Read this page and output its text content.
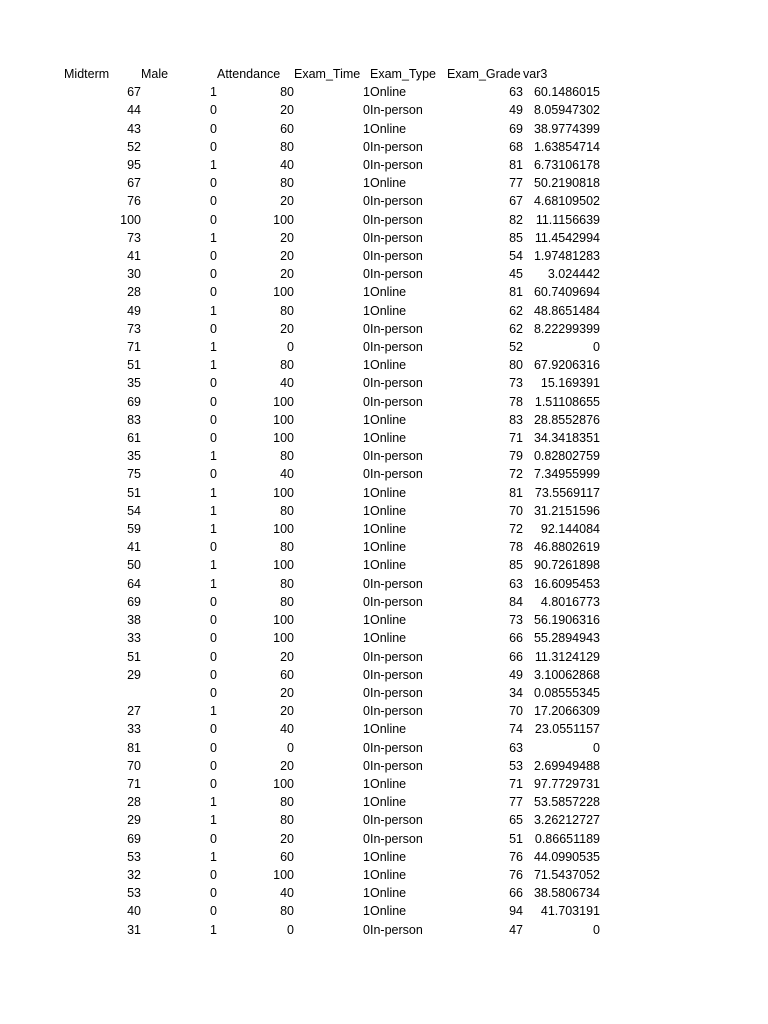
Midterm	Male	Attendance	Exam_Time	Exam_Type	Exam_Grade	var3
67	1	80	1	Online	63	60.1486015
44	0	20	0	In-person	49	8.05947302
43	0	60	1	Online	69	38.9774399
52	0	80	0	In-person	68	1.63854714
95	1	40	0	In-person	81	6.73106178
67	0	80	1	Online	77	50.2190818
76	0	20	0	In-person	67	4.68109502
100	0	100	0	In-person	82	11.1156639
73	1	20	0	In-person	85	11.4542994
41	0	20	0	In-person	54	1.97481283
30	0	20	0	In-person	45	3.024442
28	0	100	1	Online	81	60.7409694
49	1	80	1	Online	62	48.8651484
73	0	20	0	In-person	62	8.22299399
71	1	0	0	In-person	52	0
51	1	80	1	Online	80	67.9206316
35	0	40	0	In-person	73	15.169391
69	0	100	0	In-person	78	1.51108655
83	0	100	1	Online	83	28.8552876
61	0	100	1	Online	71	34.3418351
35	1	80	0	In-person	79	0.82802759
75	0	40	0	In-person	72	7.34955999
51	1	100	1	Online	81	73.5569117
54	1	80	1	Online	70	31.2151596
59	1	100	1	Online	72	92.144084
41	0	80	1	Online	78	46.8802619
50	1	100	1	Online	85	90.7261898
64	1	80	0	In-person	63	16.6095453
69	0	80	0	In-person	84	4.8016773
38	0	100	1	Online	73	56.1906316
33	0	100	1	Online	66	55.2894943
51	0	20	0	In-person	66	11.3124129
29	0	60	0	In-person	49	3.10062868
	0	20	0	In-person	34	0.08555345
27	1	20	0	In-person	70	17.2066309
33	0	40	1	Online	74	23.0551157
81	0	0	0	In-person	63	0
70	0	20	0	In-person	53	2.69949488
71	0	100	1	Online	71	97.7729731
28	1	80	1	Online	77	53.5857228
29	1	80	0	In-person	65	3.26212727
69	0	20	0	In-person	51	0.86651189
53	1	60	1	Online	76	44.0990535
32	0	100	1	Online	76	71.5437052
53	0	40	1	Online	66	38.5806734
40	0	80	1	Online	94	41.703191
31	1	0	0	In-person	47	0
